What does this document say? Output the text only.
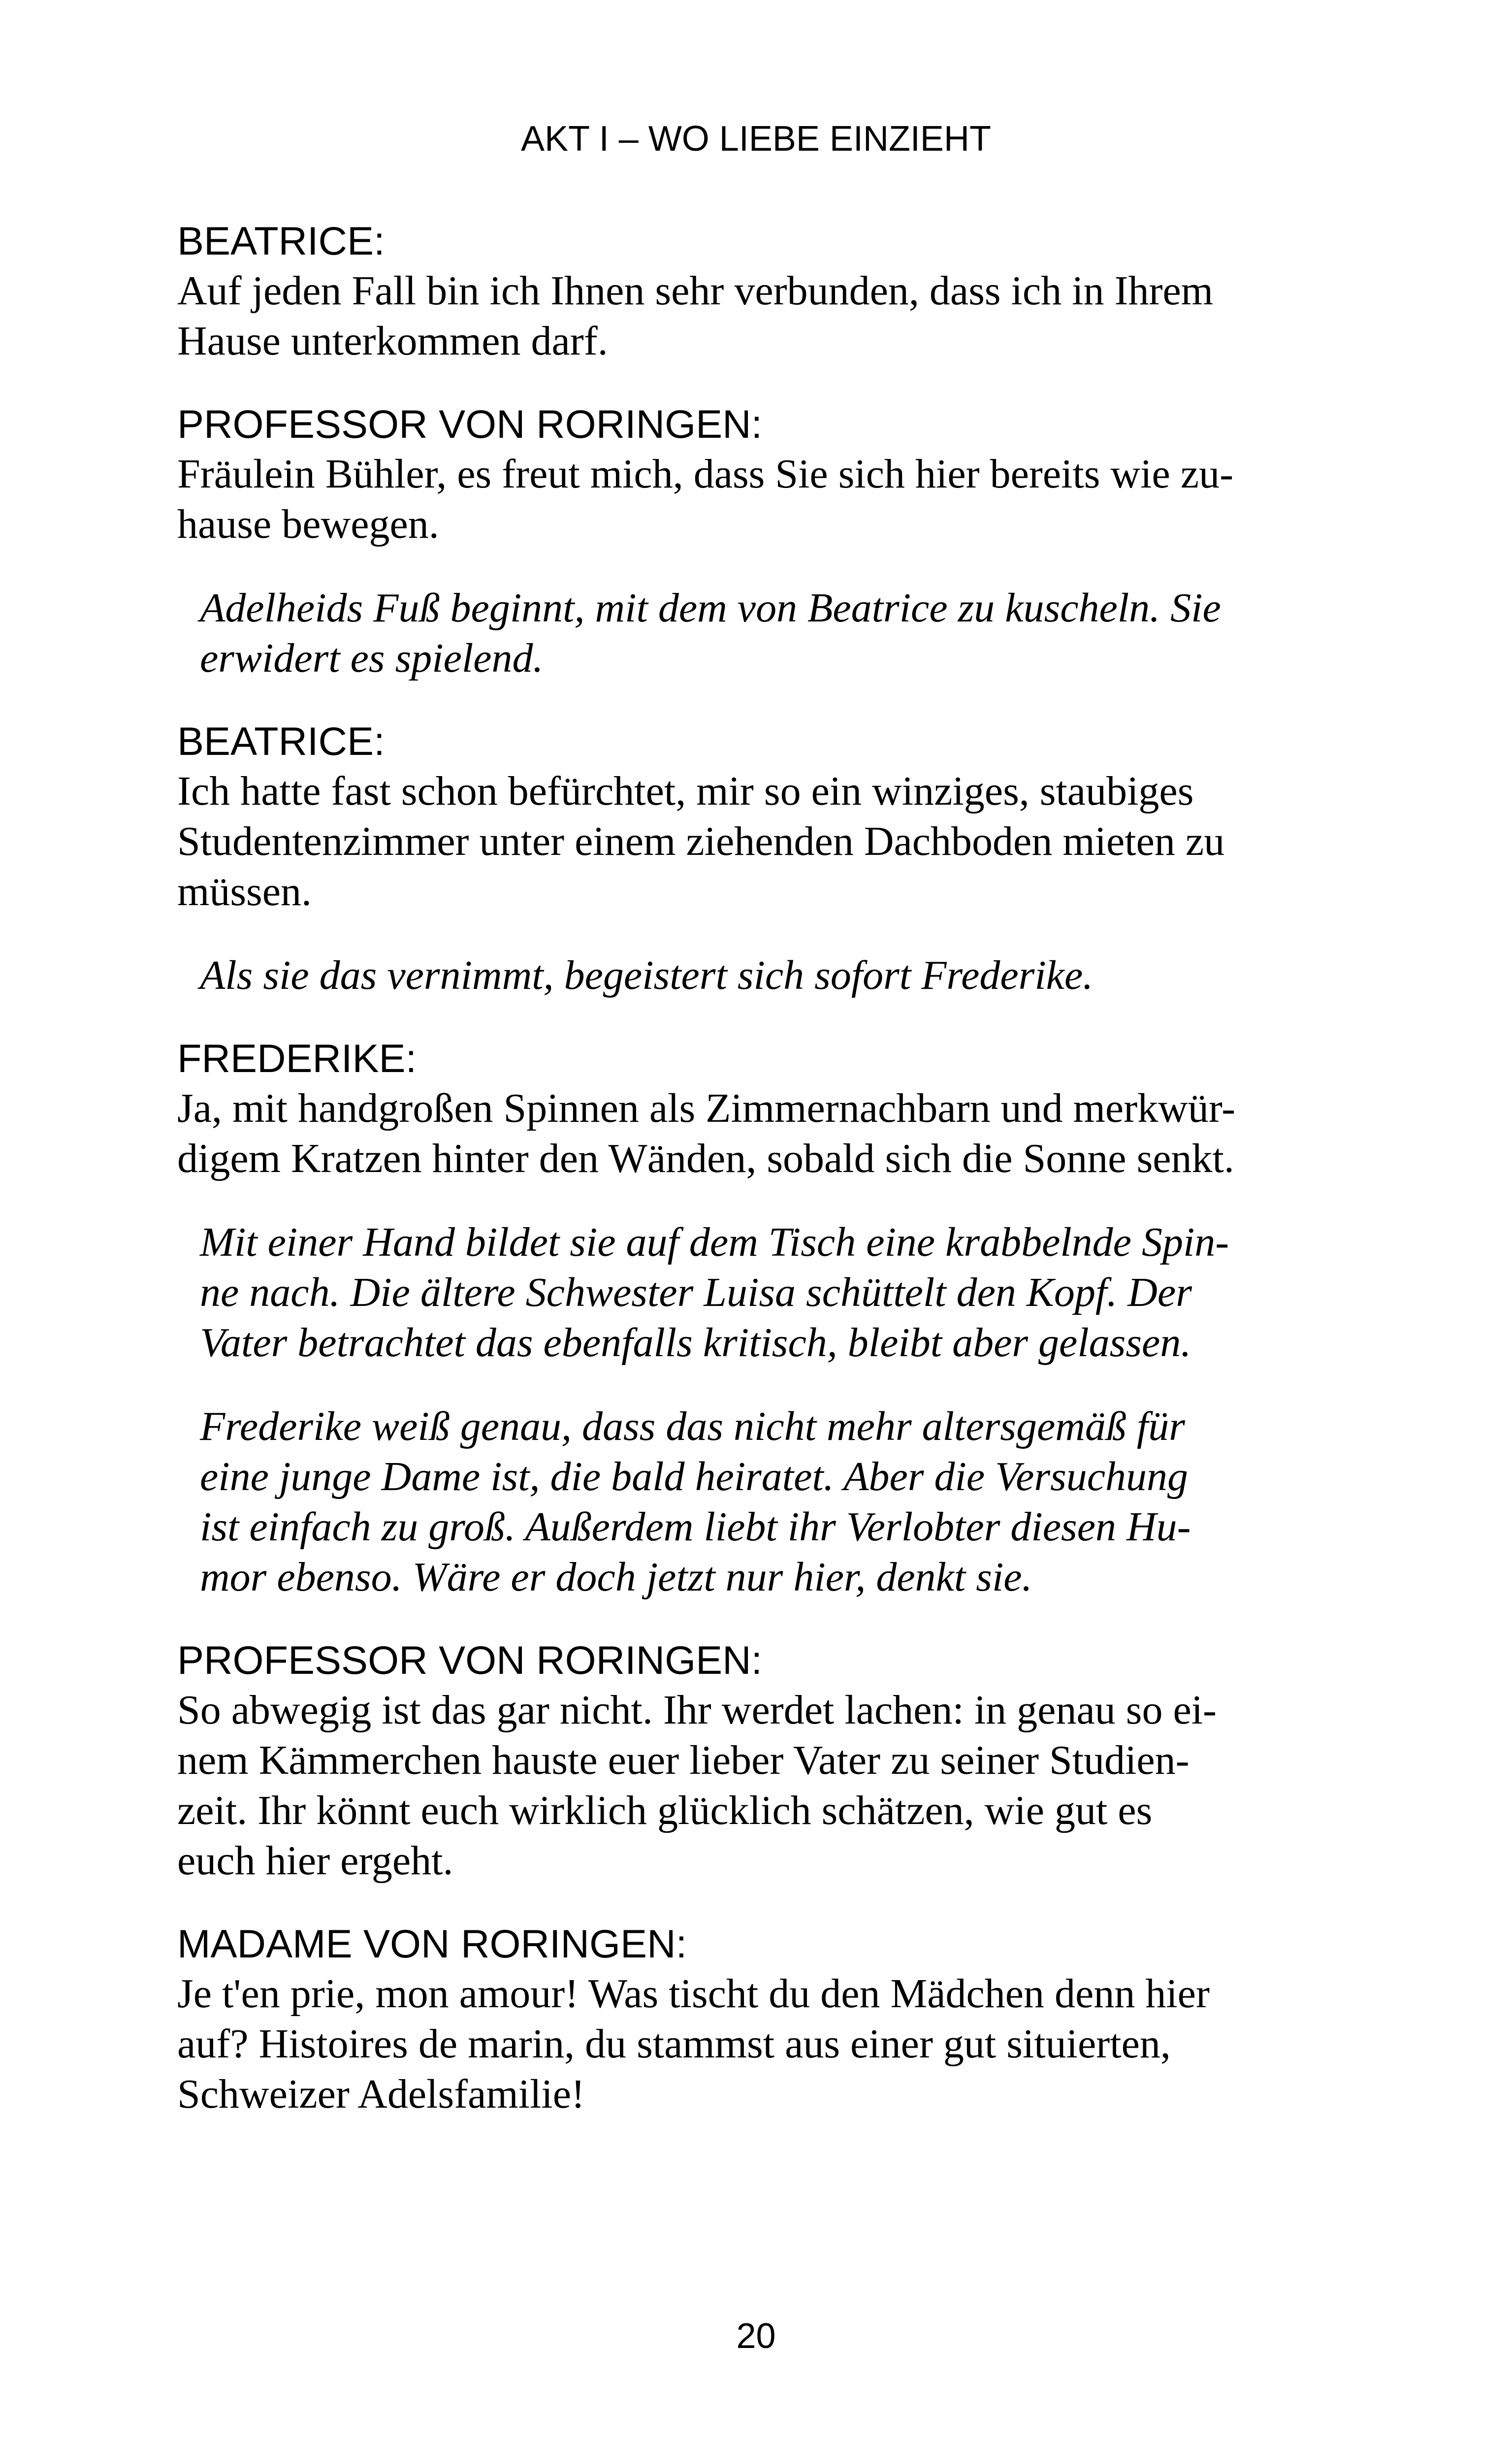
AKT I – WO LIEBE EINZIEHT
BEATRICE:
Auf jeden Fall bin ich Ihnen sehr verbunden, dass ich in Ihrem
Hause unterkommen darf.
PROFESSOR VON RORINGEN:
Fräulein Bühler, es freut mich, dass Sie sich hier bereits wie zu-
hause bewegen.
Adelheids Fuß beginnt, mit dem von Beatrice zu kuscheln. Sie
erwidert es spielend.
BEATRICE:
Ich hatte fast schon befürchtet, mir so ein winziges, staubiges
Studentenzimmer unter einem ziehenden Dachboden mieten zu
müssen.
Als sie das vernimmt, begeistert sich sofort Frederike.
FREDERIKE:
Ja, mit handgroßen Spinnen als Zimmernachbarn und merkwür-
digem Kratzen hinter den Wänden, sobald sich die Sonne senkt.
Mit einer Hand bildet sie auf dem Tisch eine krabbelnde Spin-
ne nach. Die ältere Schwester Luisa schüttelt den Kopf. Der
Vater betrachtet das ebenfalls kritisch, bleibt aber gelassen.
Frederike weiß genau, dass das nicht mehr altersgemäß für
eine junge Dame ist, die bald heiratet. Aber die Versuchung
ist einfach zu groß. Außerdem liebt ihr Verlobter diesen Hu-
mor ebenso. Wäre er doch jetzt nur hier, denkt sie.
PROFESSOR VON RORINGEN:
So abwegig ist das gar nicht. Ihr werdet lachen: in genau so ei-
nem Kämmerchen hauste euer lieber Vater zu seiner Studien-
zeit. Ihr könnt euch wirklich glücklich schätzen, wie gut es
euch hier ergeht.
MADAME VON RORINGEN:
Je t'en prie, mon amour! Was tischt du den Mädchen denn hier
auf? Histoires de marin, du stammst aus einer gut situierten,
Schweizer Adelsfamilie!
20
